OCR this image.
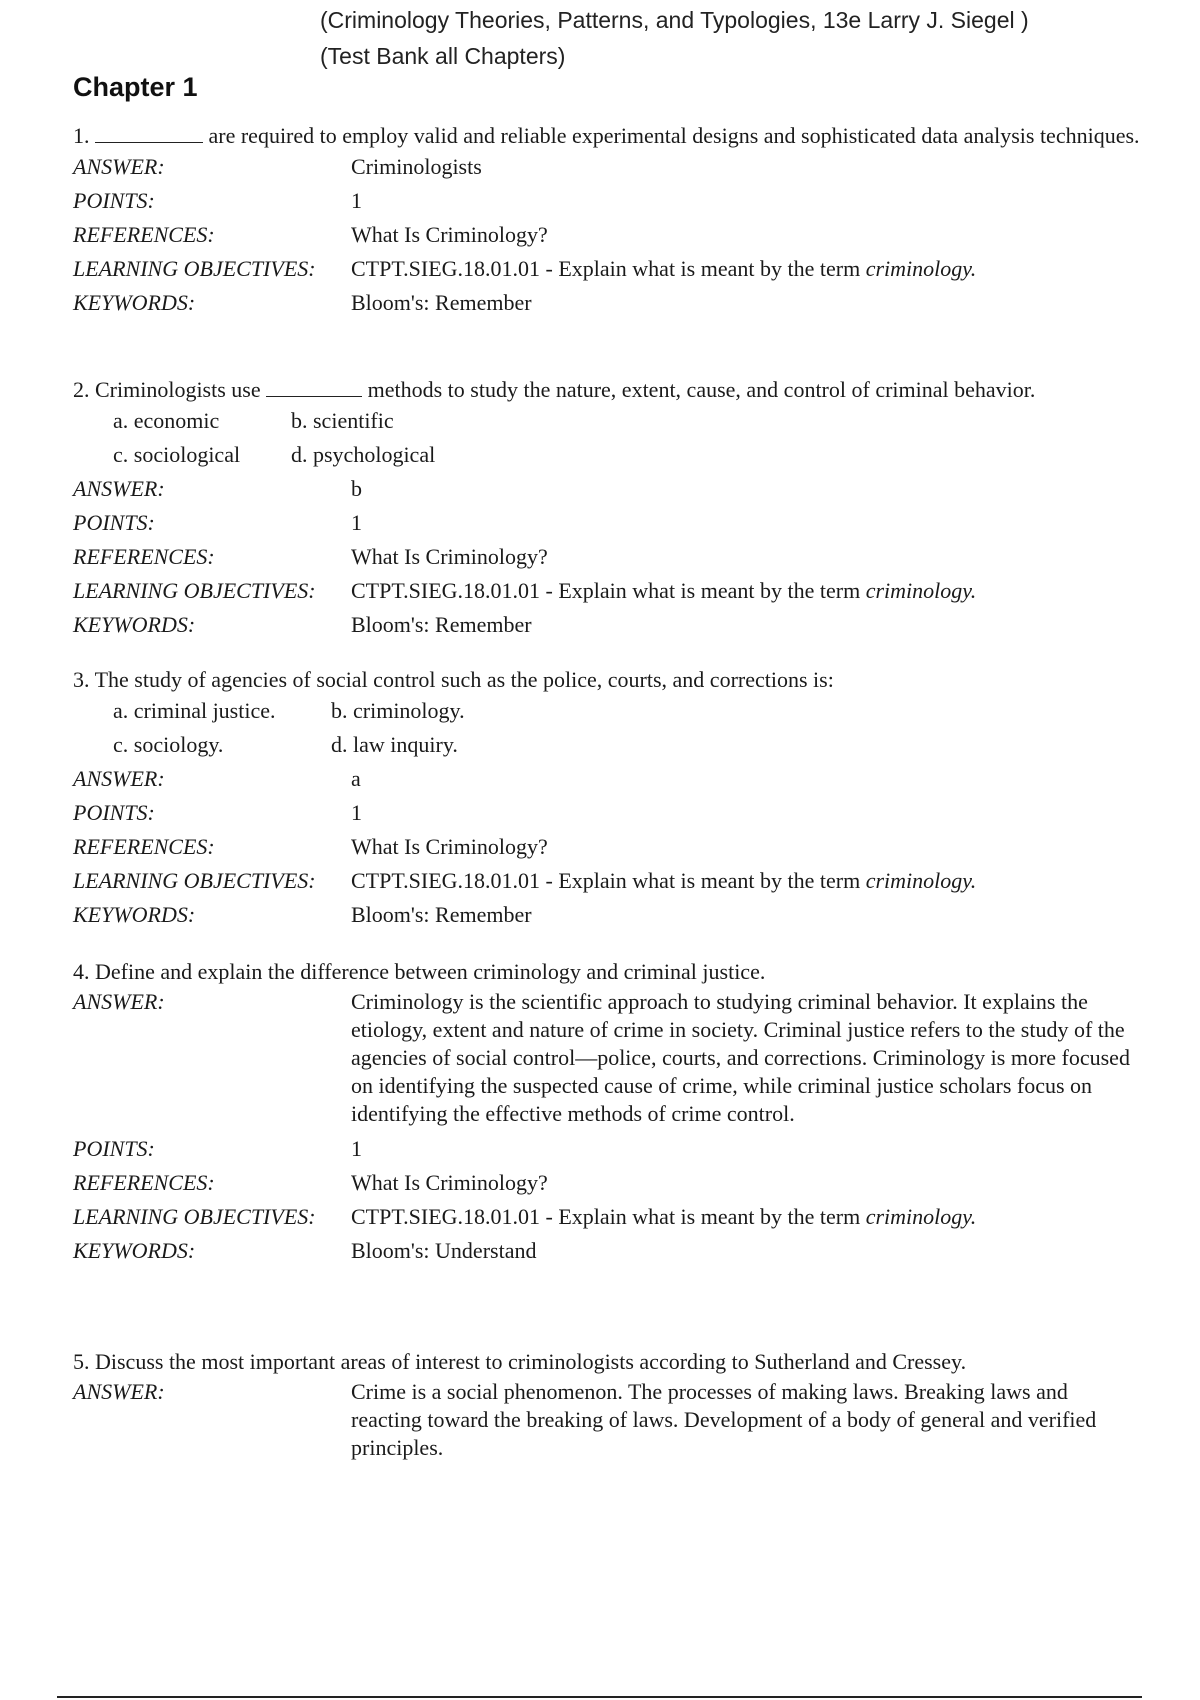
(Criminology Theories, Patterns, and Typologies, 13e Larry J. Siegel )
(Test Bank all Chapters)
Chapter 1
1.	are required to employ valid and reliable experimental designs and sophisticated data analysis techniques.
ANSWER:	Criminologists
POINTS:	1
REFERENCES:	What Is Criminology?
LEARNING OBJECTIVES:	CTPT.SIEG.18.01.01 - Explain what is meant by the term criminology.
KEYWORDS:	Bloom's: Remember
2. Criminologists use	methods to study the nature, extent, cause, and control of criminal behavior.
a. economic	b. scientific
c. sociological d. psychological
ANSWER:	b
POINTS:	1
REFERENCES:	What Is Criminology?
LEARNING OBJECTIVES:	CTPT.SIEG.18.01.01 - Explain what is meant by the term criminology.
KEYWORDS:	Bloom's: Remember
3. The study of agencies of social control such as the police, courts, and corrections is:
a. criminal justice.	b. criminology.
c. sociology.	d. law inquiry.
ANSWER:	a
POINTS:	1
REFERENCES:	What Is Criminology?
LEARNING OBJECTIVES:	CTPT.SIEG.18.01.01 - Explain what is meant by the term criminology.
KEYWORDS:	Bloom's: Remember
4. Define and explain the difference between criminology and criminal justice.
ANSWER:	Criminology is the scientific approach to studying criminal behavior. It explains the etiology, extent and nature of crime in society. Criminal justice refers to the study of the agencies of social control—police, courts, and corrections. Criminology is more focused on identifying the suspected cause of crime, while criminal justice scholars focus on identifying the effective methods of crime control.
POINTS:	1
REFERENCES:	What Is Criminology?
LEARNING OBJECTIVES:	CTPT.SIEG.18.01.01 - Explain what is meant by the term criminology.
KEYWORDS:	Bloom's: Understand
5. Discuss the most important areas of interest to criminologists according to Sutherland and Cressey.
ANSWER:	Crime is a social phenomenon. The processes of making laws. Breaking laws and reacting toward the breaking of laws. Development of a body of general and verified principles.
